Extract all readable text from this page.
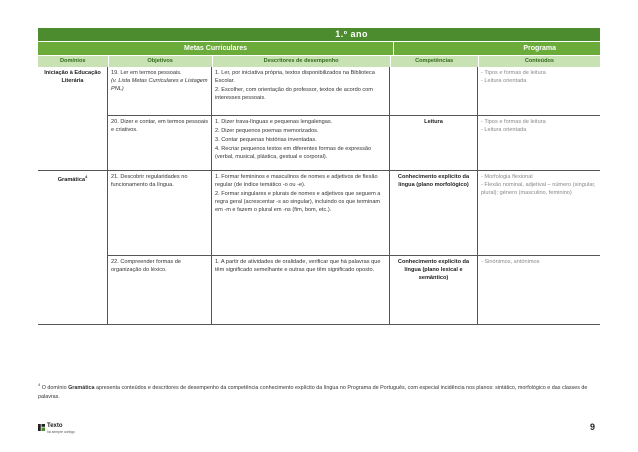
1.º ano
Metas Curriculares	Programa
Domínios	Objetivos	Descritores de desempenho	Competências	Conteúdos
Iniciação à Educação Literária
19. Ler em termos pessoais.
(v. Lista Metas Curriculares e Listagem PNL)
1. Ler, por iniciativa própria, textos disponibilizados na Biblioteca Escolar.
2. Escolher, com orientação do professor, textos de acordo com interesses pessoais.
- Tipos e formas de leitura
- Leitura orientada
20. Dizer e contar, em termos pessoais e criativos.
1. Dizer trava-línguas e pequenas lengalengas.
2. Dizer pequenos poemas memorizados.
3. Contar pequenas histórias inventadas.
4. Recriar pequenos textos em diferentes formas de expressão (verbal, musical, plástica, gestual e corporal).
Leitura
-	Tipos e formas de leitura
- Leitura orientada
Gramática$^4$	21. Descobrir regularidades no funcionamento da língua.
1. Formar femininos e masculinos de nomes e adjetivos de flexão regular (de índice temático -o ou -e).
2. Formar singulares e plurais de nomes e adjetivos que seguem a regra geral (acrescentar -s ao singular), incluindo os que terminam em -m e fazem o plural em -ns (fim, bom, etc.).
Conhecimento explícito da língua (plano morfológico)
- Morfologia flexional
- Flexão nominal, adjetival – número (singular, plural); género (masculino, feminino)
22. Compreender formas de organização do léxico.
1. A partir de atividades de oralidade, verificar que há palavras que têm significado semelhante e outras que têm significado oposto.
Conhecimento explícito da língua (plano lexical e semântico)
- Sinónimos, antónimos
$^4$ O domínio Gramática apresenta conteúdos e descritores de desempenho da competência conhecimento explícito da língua no Programa de Português, com especial incidência nos planos: sintático, morfológico e das classes de palavras.
Texto
há sempre contigo	9
